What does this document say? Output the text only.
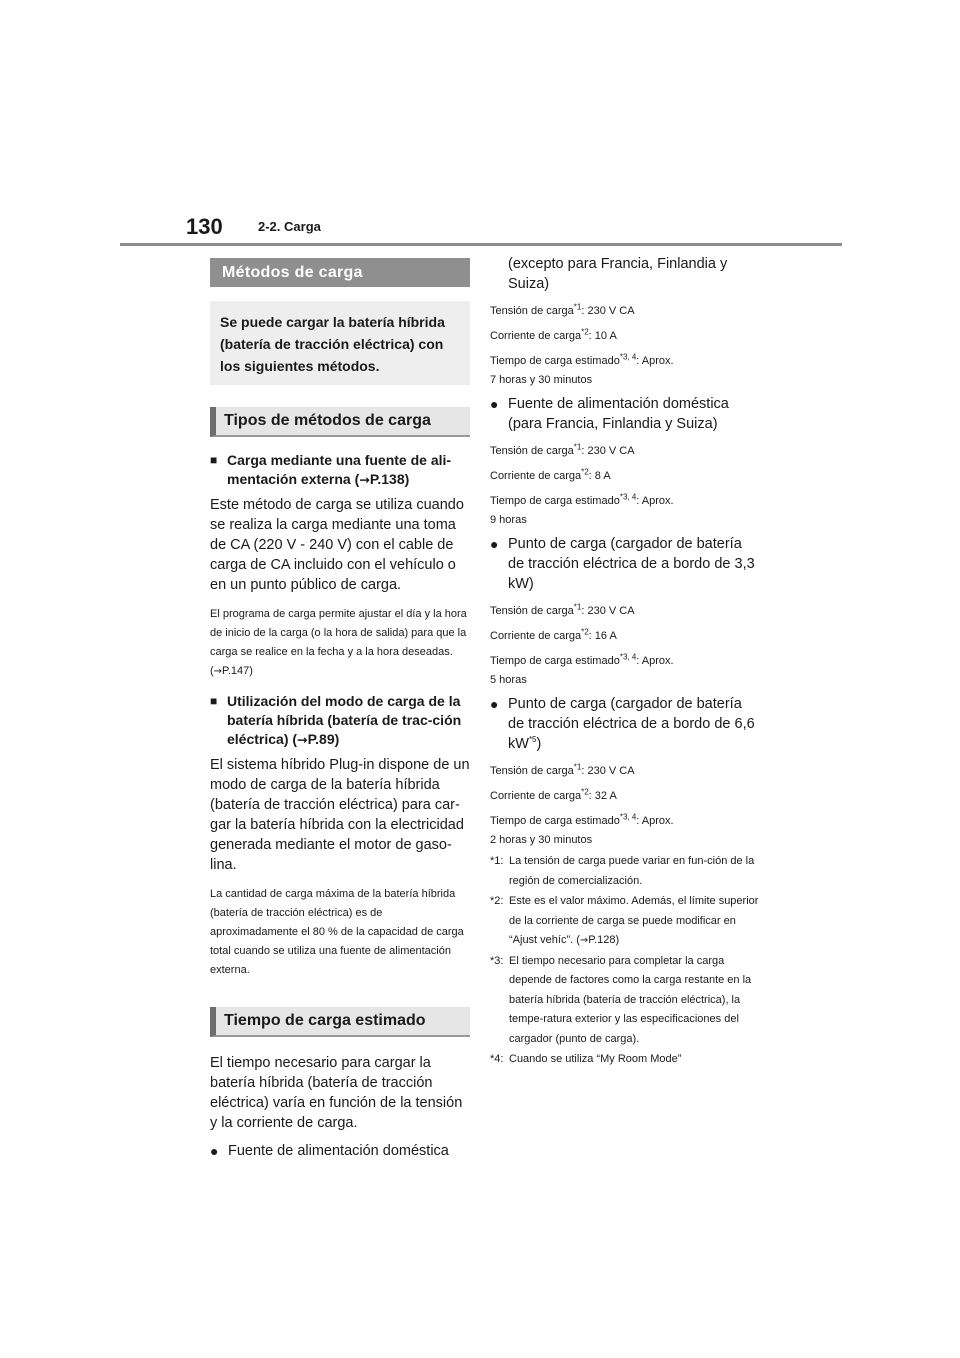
130	2-2. Carga
Métodos de carga
Se puede cargar la batería híbrida (batería de tracción eléctrica) con los siguientes métodos.
Tipos de métodos de carga
■ Carga mediante una fuente de ali-mentación externa (→P.138)
Este método de carga se utiliza cuando se realiza la carga mediante una toma de CA (220 V - 240 V) con el cable de carga de CA incluido con el vehículo o en un punto público de carga.
El programa de carga permite ajustar el día y la hora de inicio de la carga (o la hora de salida) para que la carga se realice en la fecha y a la hora deseadas. (→P.147)
■ Utilización del modo de carga de la batería híbrida (batería de trac-ción eléctrica) (→P.89)
El sistema híbrido Plug-in dispone de un modo de carga de la batería híbrida (batería de tracción eléctrica) para car-gar la batería híbrida con la electricidad generada mediante el motor de gaso-lina.
La cantidad de carga máxima de la batería híbrida (batería de tracción eléctrica) es de aproximadamente el 80 % de la capacidad de carga total cuando se utiliza una fuente de alimentación externa.
Tiempo de carga estimado
El tiempo necesario para cargar la batería híbrida (batería de tracción eléctrica) varía en función de la tensión y la corriente de carga.
● Fuente de alimentación doméstica
(excepto para Francia, Finlandia y Suiza)
Tensión de carga$^{*1}$: 230 V CA
Corriente de carga$^{*2}$: 10 A
Tiempo de carga estimado$^{*3, 4}$: Aprox.
7 horas y 30 minutos
● Fuente de alimentación doméstica (para Francia, Finlandia y Suiza)
Tensión de carga$^{*1}$: 230 V CA
Corriente de carga$^{*2}$: 8 A
Tiempo de carga estimado$^{*3, 4}$: Aprox.
9 horas
● Punto de carga (cargador de batería de tracción eléctrica de a bordo de 3,3 kW)
Tensión de carga$^{*1}$: 230 V CA
Corriente de carga$^{*2}$: 16 A
Tiempo de carga estimado$^{*3, 4}$: Aprox.
5 horas
● Punto de carga (cargador de batería de tracción eléctrica de a bordo de 6,6 $kW^{*5}$)
Tensión de carga$^{*1}$: 230 V CA
Corriente de carga$^{*2}$: 32 A
Tiempo de carga estimado$^{*3, 4}$: Aprox.
2 horas y 30 minutos
*1: La tensión de carga puede variar en fun-ción de la región de comercialización.
*2: Este es el valor máximo. Además, el límite superior de la corriente de carga se puede modificar en “Ajust vehíc”. (→P.128)
*3: El tiempo necesario para completar la carga depende de factores como la carga restante en la batería híbrida (batería de tracción eléctrica), la tempe-ratura exterior y las especificaciones del cargador (punto de carga).
*4: Cuando se utiliza “My Room Mode”
